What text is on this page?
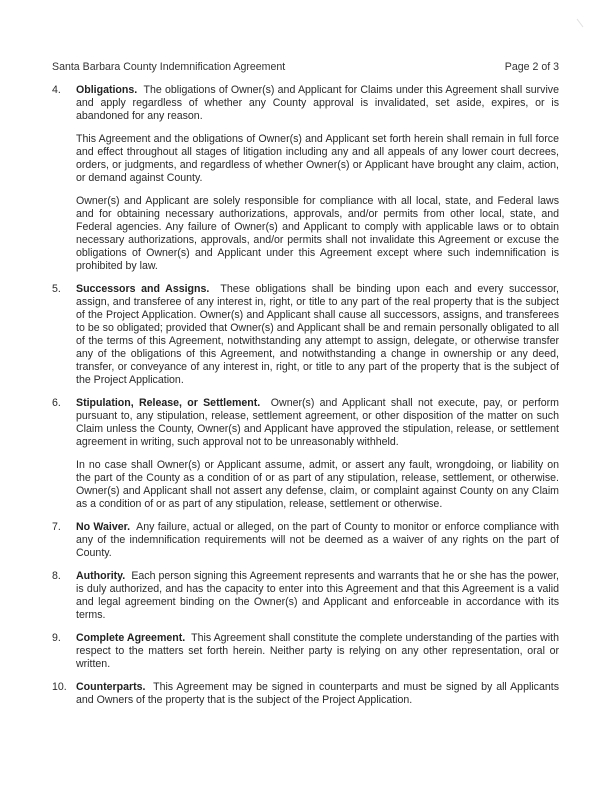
Santa Barbara County Indemnification Agreement	Page 2 of 3
4.	Obligations. The obligations of Owner(s) and Applicant for Claims under this Agreement shall survive and apply regardless of whether any County approval is invalidated, set aside, expires, or is abandoned for any reason.

This Agreement and the obligations of Owner(s) and Applicant set forth herein shall remain in full force and effect throughout all stages of litigation including any and all appeals of any lower court decrees, orders, or judgments, and regardless of whether Owner(s) or Applicant have brought any claim, action, or demand against County.

Owner(s) and Applicant are solely responsible for compliance with all local, state, and Federal laws and for obtaining necessary authorizations, approvals, and/or permits from other local, state, and Federal agencies. Any failure of Owner(s) and Applicant to comply with applicable laws or to obtain necessary authorizations, approvals, and/or permits shall not invalidate this Agreement or excuse the obligations of Owner(s) and Applicant under this Agreement except where such indemnification is prohibited by law.

5.	Successors and Assigns. These obligations shall be binding upon each and every successor, assign, and transferee of any interest in, right, or title to any part of the real property that is the subject of the Project Application. Owner(s) and Applicant shall cause all successors, assigns, and transferees to be so obligated; provided that Owner(s) and Applicant shall be and remain personally obligated to all of the terms of this Agreement, notwithstanding any attempt to assign, delegate, or otherwise transfer any of the obligations of this Agreement, and notwithstanding a change in ownership or any deed, transfer, or conveyance of any interest in, right, or title to any part of the property that is the subject of the Project Application.

6.	Stipulation, Release, or Settlement. Owner(s) and Applicant shall not execute, pay, or perform pursuant to, any stipulation, release, settlement agreement, or other disposition of the matter on such Claim unless the County, Owner(s) and Applicant have approved the stipulation, release, or settlement agreement in writing, such approval not to be unreasonably withheld.

In no case shall Owner(s) or Applicant assume, admit, or assert any fault, wrongdoing, or liability on the part of the County as a condition of or as part of any stipulation, release, settlement, or otherwise. Owner(s) and Applicant shall not assert any defense, claim, or complaint against County on any Claim as a condition of or as part of any stipulation, release, settlement or otherwise.

7.	No Waiver. Any failure, actual or alleged, on the part of County to monitor or enforce compliance with any of the indemnification requirements will not be deemed as a waiver of any rights on the part of County.

8.	Authority. Each person signing this Agreement represents and warrants that he or she has the power, is duly authorized, and has the capacity to enter into this Agreement and that this Agreement is a valid and legal agreement binding on the Owner(s) and Applicant and enforceable in accordance with its terms.

9.	Complete Agreement. This Agreement shall constitute the complete understanding of the parties with respect to the matters set forth herein. Neither party is relying on any other representation, oral or written.

10. Counterparts. This Agreement may be signed in counterparts and must be signed by all Applicants and Owners of the property that is the subject of the Project Application.
